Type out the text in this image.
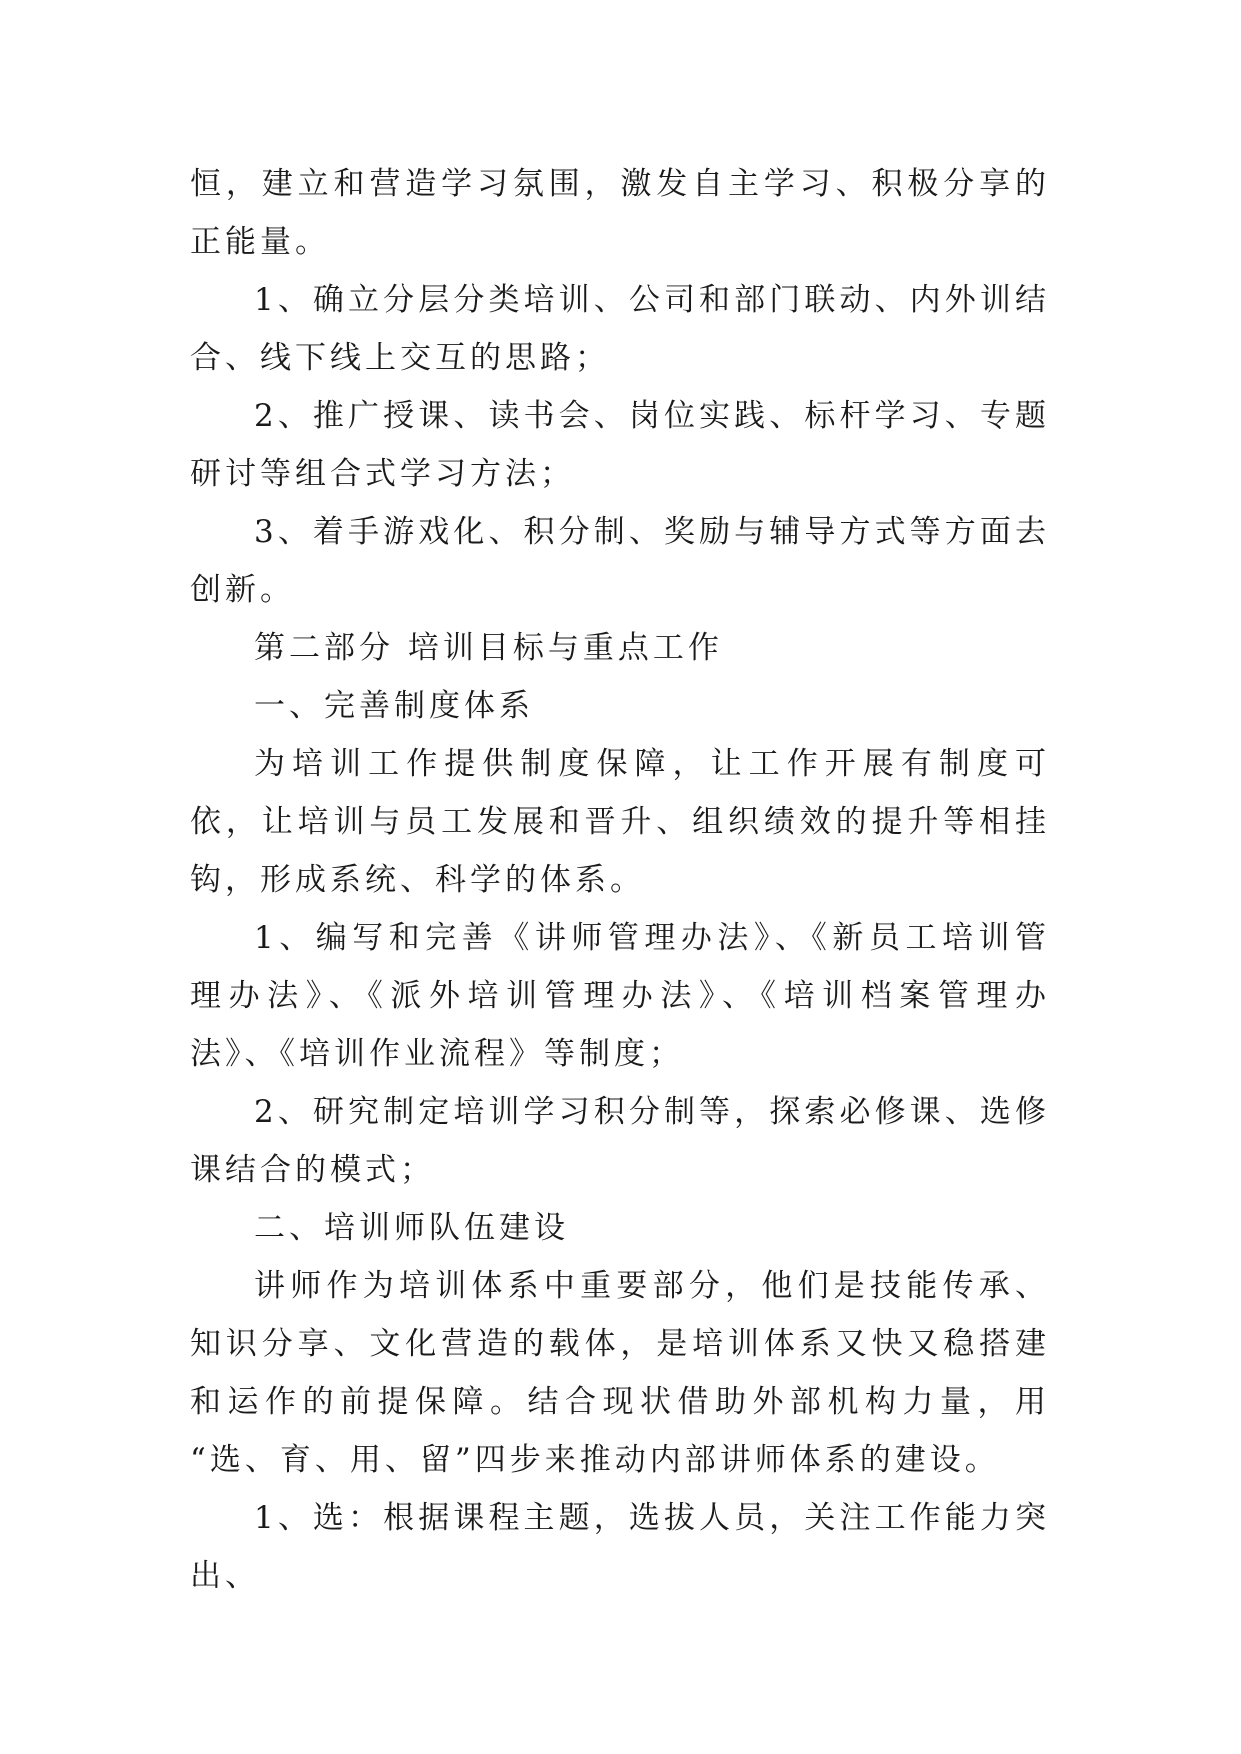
恒，建立和营造学习氛围，激发自主学习、积极分享的正能量。

1、确立分层分类培训、公司和部门联动、内外训结合、线下线上交互的思路；

2、推广授课、读书会、岗位实践、标杆学习、专题研讨等组合式学习方法；

3、着手游戏化、积分制、奖励与辅导方式等方面去创新。

第二部分 培训目标与重点工作

一、完善制度体系

为培训工作提供制度保障，让工作开展有制度可依，让培训与员工发展和晋升、组织绩效的提升等相挂钩，形成系统、科学的体系。

1、编写和完善《讲师管理办法》、《新员工培训管理办法》、《派外培训管理办法》、《培训档案管理办法》、《培训作业流程》等制度；

2、研究制定培训学习积分制等，探索必修课、选修课结合的模式；

二、培训师队伍建设

讲师作为培训体系中重要部分，他们是技能传承、知识分享、文化营造的载体，是培训体系又快又稳搭建和运作的前提保障。结合现状借助外部机构力量，用 “选、育、用、留”四步来推动内部讲师体系的建设。

1、选：根据课程主题，选拔人员，关注工作能力突出、
